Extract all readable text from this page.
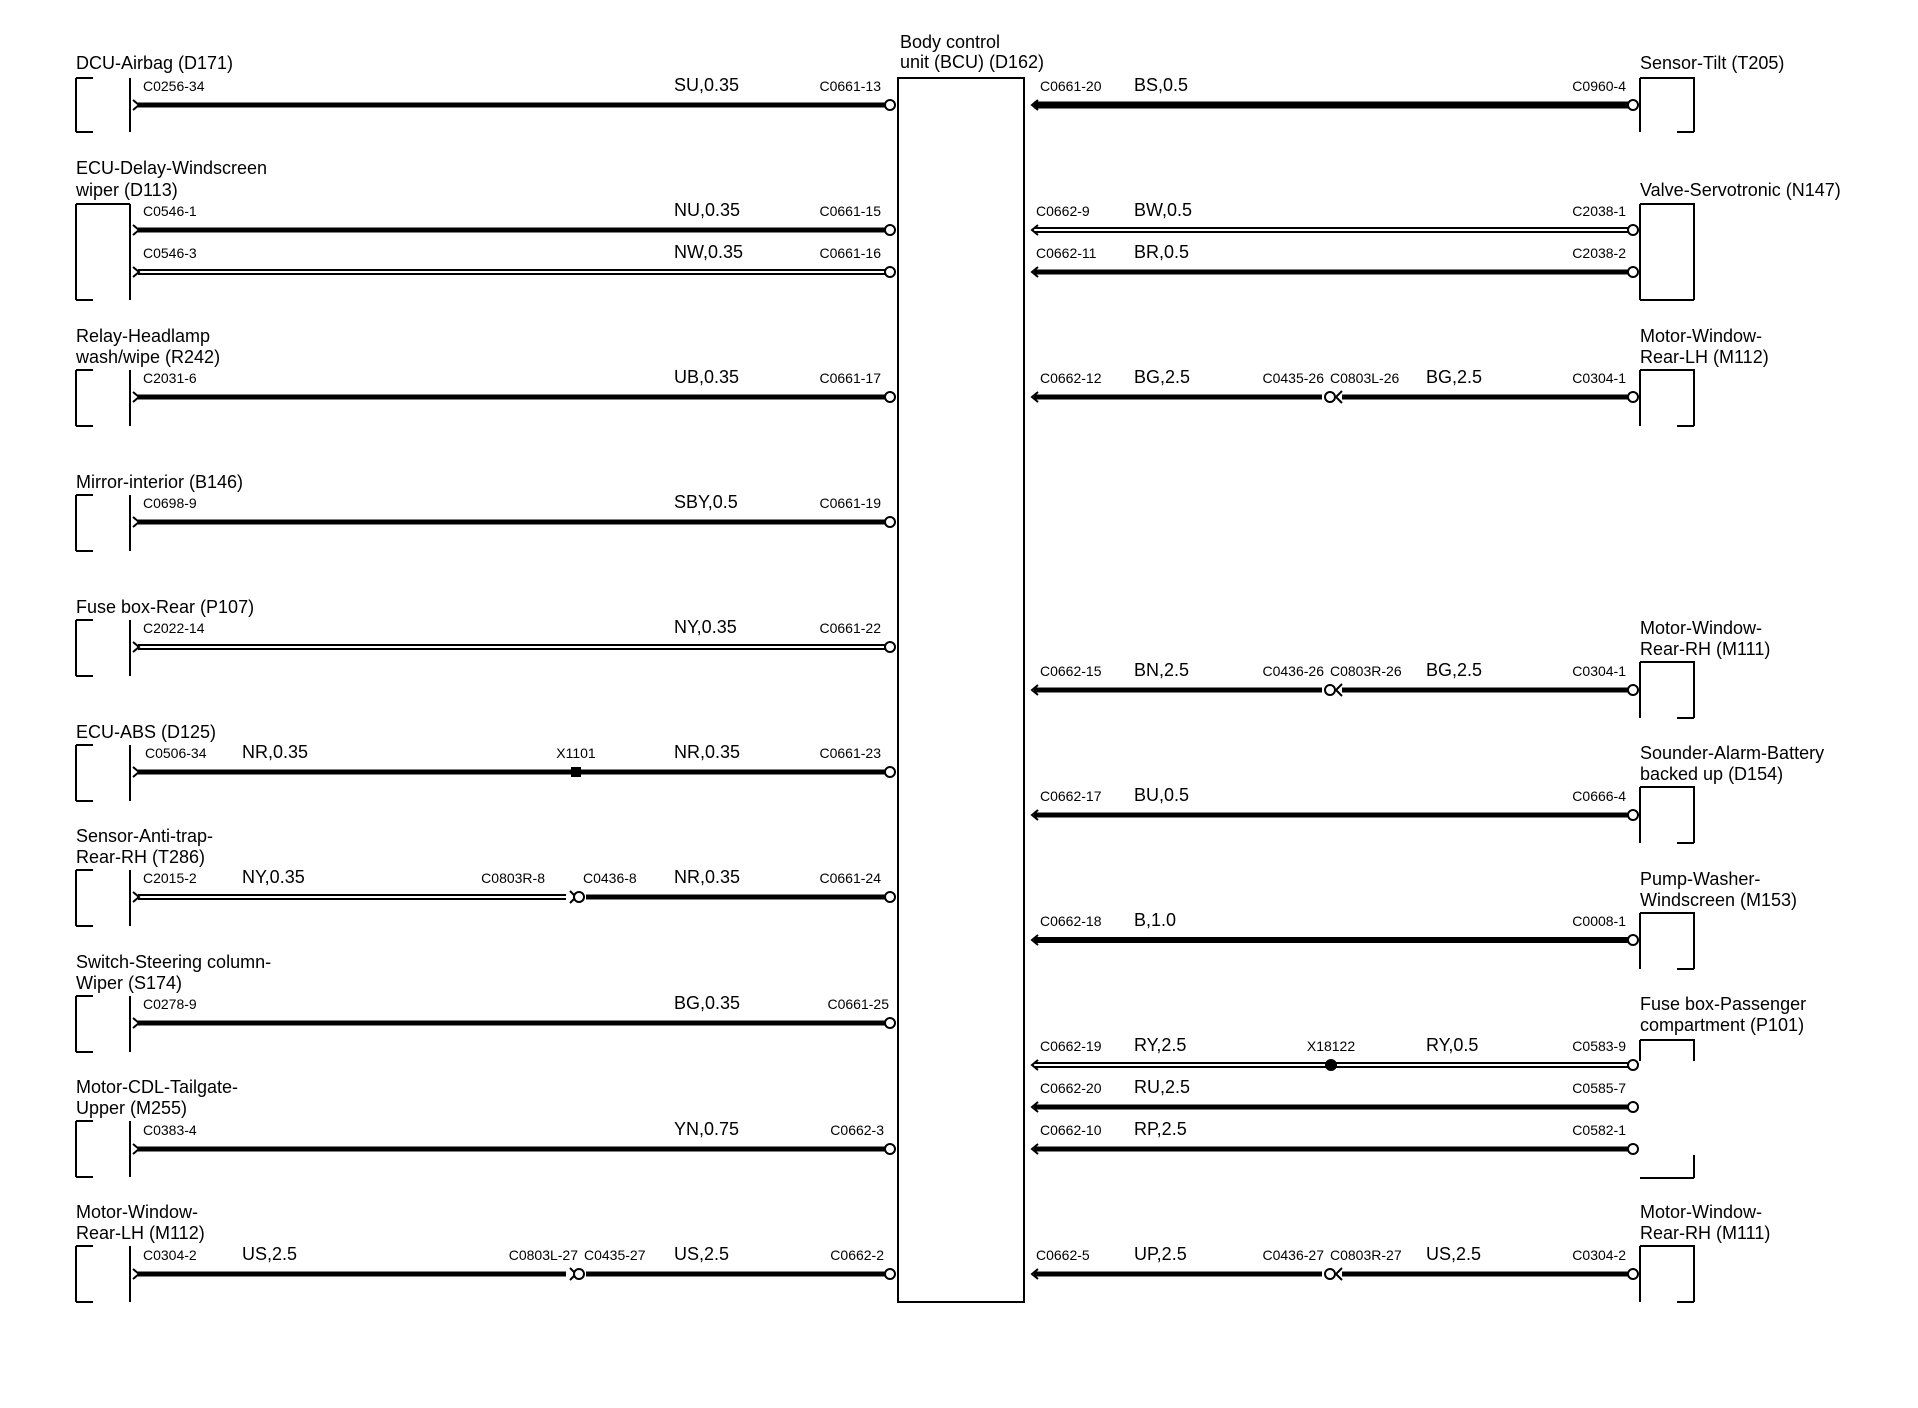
Body control
unit (BCU) (D162)
DCU-Airbag (D171)
C0256-34	SU,0.35	C0661-13
ECU-Delay-Windscreen
wiper (D113)
C0546-1	NU,0.35	C0661-15
C0546-3	NW,0.35	C0661-16
Relay-Headlamp
wash/wipe (R242)
C2031-6	UB,0.35	C0661-17
Mirror-interior (B146)
C0698-9	SBY,0.5	C0661-19
Fuse box-Rear (P107)
C2022-14	NY,0.35	C0661-22
ECU-ABS (D125)
C0506-34 NR,0.35	X1101	NR,0.35	C0661-23
Sensor-Anti-trap-
Rear-RH (T286)
C2015-2	NY,0.35	C0803R-8	C0436-8 NR,0.35	C0661-24
Switch-Steering column-
Wiper (S174)
C0278-9	BG,0.35	C0661-25
Motor-CDL-Tailgate-
Upper (M255)
C0383-4	YN,0.75	C0662-3
Motor-Window-
Rear-LH (M112)
C0304-2	US,2.5	C0803L-27 C0435-27 US,2.5	C0662-2
Sensor-Tilt (T205)
C0661-20 BS,0.5	C0960-4
Valve-Servotronic (N147)
C0662-9 BW,0.5	C2038-1
C0662-11 BR,0.5	C2038-2
Motor-Window-
Rear-LH (M112)
C0662-12 BG,2.5	C0435-26 C0803L-26 BG,2.5	C0304-1
Motor-Window-
Rear-RH (M111)
C0662-15 BN,2.5	C0436-26 C0803R-26 BG,2.5	C0304-1
Sounder-Alarm-Battery
backed up (D154)
C0662-17 BU,0.5	C0666-4
Pump-Washer-
Windscreen (M153)
C0662-18 B,1.0	C0008-1
Fuse box-Passenger
compartment (P101)
C0662-19 RY,2.5	X18122	RY,0.5	C0583-9
C0662-20 RU,2.5	C0585-7
C0662-10 RP,2.5	C0582-1
Motor-Window-
Rear-RH (M111)
C0662-5 UP,2.5	C0436-27 C0803R-27 US,2.5	C0304-2
